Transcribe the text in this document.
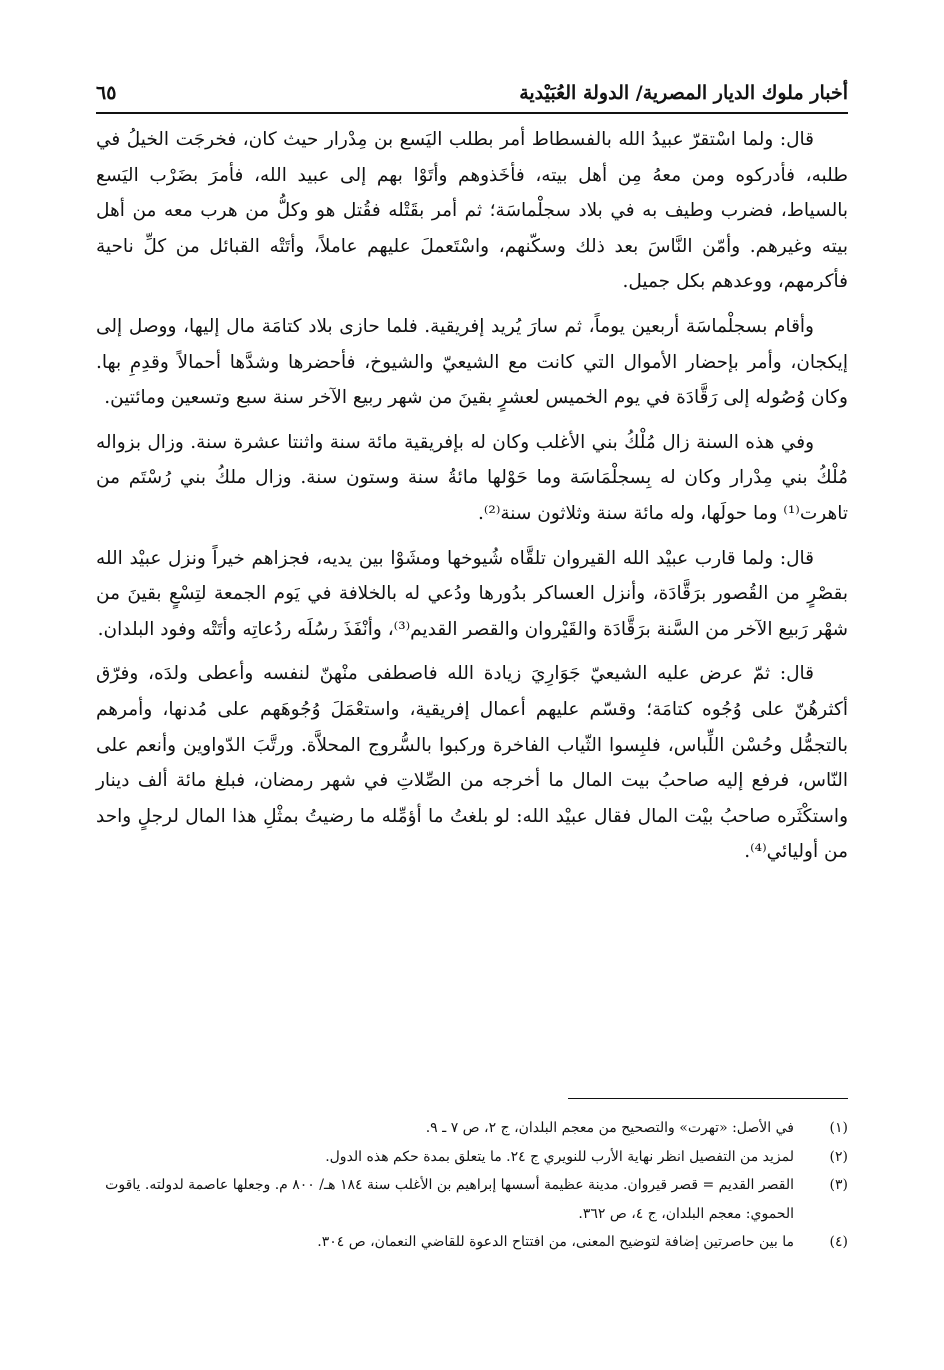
أخبار ملوك الديار المصرية/ الدولة العُبَيْدية
٦٥

قال: ولما اسْتقرّ عبيدُ الله بالفسطاط أمر بطلب اليَسع بن مِدْرار حيث كان، فخرجَت الخيلُ في طلبه، فأدركوه ومن معهُ مِن أهل بيته، فأخَذوهم وأتَوْا بهم إلى عبيد الله، فأمرَ بضَرْب اليَسع بالسياط، فضرب وطيف به في بلاد سجلْماسَة؛ ثم أمر بقَتْله فقُتل هو وكلُّ من هرب معه من أهل بيته وغيرهم. وأمّن النَّاسَ بعد ذلك وسكّنهم، واسْتَعملَ عليهم عاملاً، وأتَتْه القبائل من كلِّ ناحية فأكرمهم، ووعدهم بكل جميل.

وأقام بسجلْماسَة أربعين يوماً، ثم سارَ يُريد إفريقية. فلما حازى بلاد كتامَة مال إليها، ووصل إلى إيكجان، وأمر بإحضار الأموال التي كانت مع الشيعيّ والشيوخ، فأحضرها وشدَّها أحمالاً وقدِمِ بها. وكان وُصُوله إلى رَقَّادَة في يوم الخميس لعشرٍ بقينَ من شهر ربيع الآخر سنة سبع وتسعين ومائتين.

وفي هذه السنة زال مُلْكُ بني الأغلب وكان له بإفريقية مائة سنة واثنتا عشرة سنة. وزال بزواله مُلْكُ بني مِدْرار وكان له بِسجلْمَاسَة وما حَوْلها مائةُ سنة وستون سنة. وزال ملكُ بني رُسْتَم من تاهرت⁽¹⁾ وما حولَها، وله مائة سنة وثلاثون سنة⁽²⁾.

قال: ولما قارب عبيْد الله القيروان تلقَّاه شُيوخها ومشَوْا بين يديه، فجزاهم خيراً ونزل عبيْد الله بقصْرٍ من القُصور برَقَّادَة، وأنزل العساكر بدُورها ودُعي له بالخلافة في يَوم الجمعة لتِسْعٍ بقينَ من شهْر رَبيع الآخر من السَّنة برَقَّادَة والقَيْروان والقصر القديم⁽³⁾، وأنْفَذَ رسُلَه ردُعاتِه وأتَتْه وفود البلدان.

قال: ثمّ عرض عليه الشيعيّ جَوَارِيَ زيادة الله فاصطفى منْهنّ لنفسه وأعطى ولدَه، وفرّق أكثرهُنّ على وُجُوه كتامَة؛ وقسّم عليهم أعمال إفريقية، واستعْمَلَ وُجُوهَهم على مُدنها، وأمرهم بالتجمُّل وحُسْن اللِّباس، فلبِسوا الثّياب الفاخرة وركبوا بالسُّروج المحلاَّة. ورتَّبَ الدّواوين وأنعم على النّاس، فرفع إليه صاحبُ بيت المال ما أخرجه من الصِّلاتِ في شهر رمضان، فبلغ مائة ألف دينار واستكْثَره صاحبُ بيْت المال فقال عبيْد الله: لو بلغتُ ما أؤمِّله ما رضيتُ بمثْلِ هذا المال لرجلٍ واحد من أوليائي⁽⁴⁾.

(١)
في الأصل: «تهرت» والتصحيح من معجم البلدان، ج ٢، ص ٧ ـ ٩.
(٢)
لمزيد من التفصيل انظر نهاية الأرب للنويري ج ٢٤. ما يتعلق بمدة حكم هذه الدول.
(٣)
القصر القديم = قصر قيروان. مدينة عظيمة أسسها إبراهيم بن الأغلب سنة ١٨٤ هـ/ ٨٠٠ م. وجعلها عاصمة لدولته. ياقوت الحموي: معجم البلدان، ج ٤، ص ٣٦٢.
(٤)
ما بين حاصرتين إضافة لتوضيح المعنى، من افتتاح الدعوة للقاضي النعمان، ص ٣٠٤.
